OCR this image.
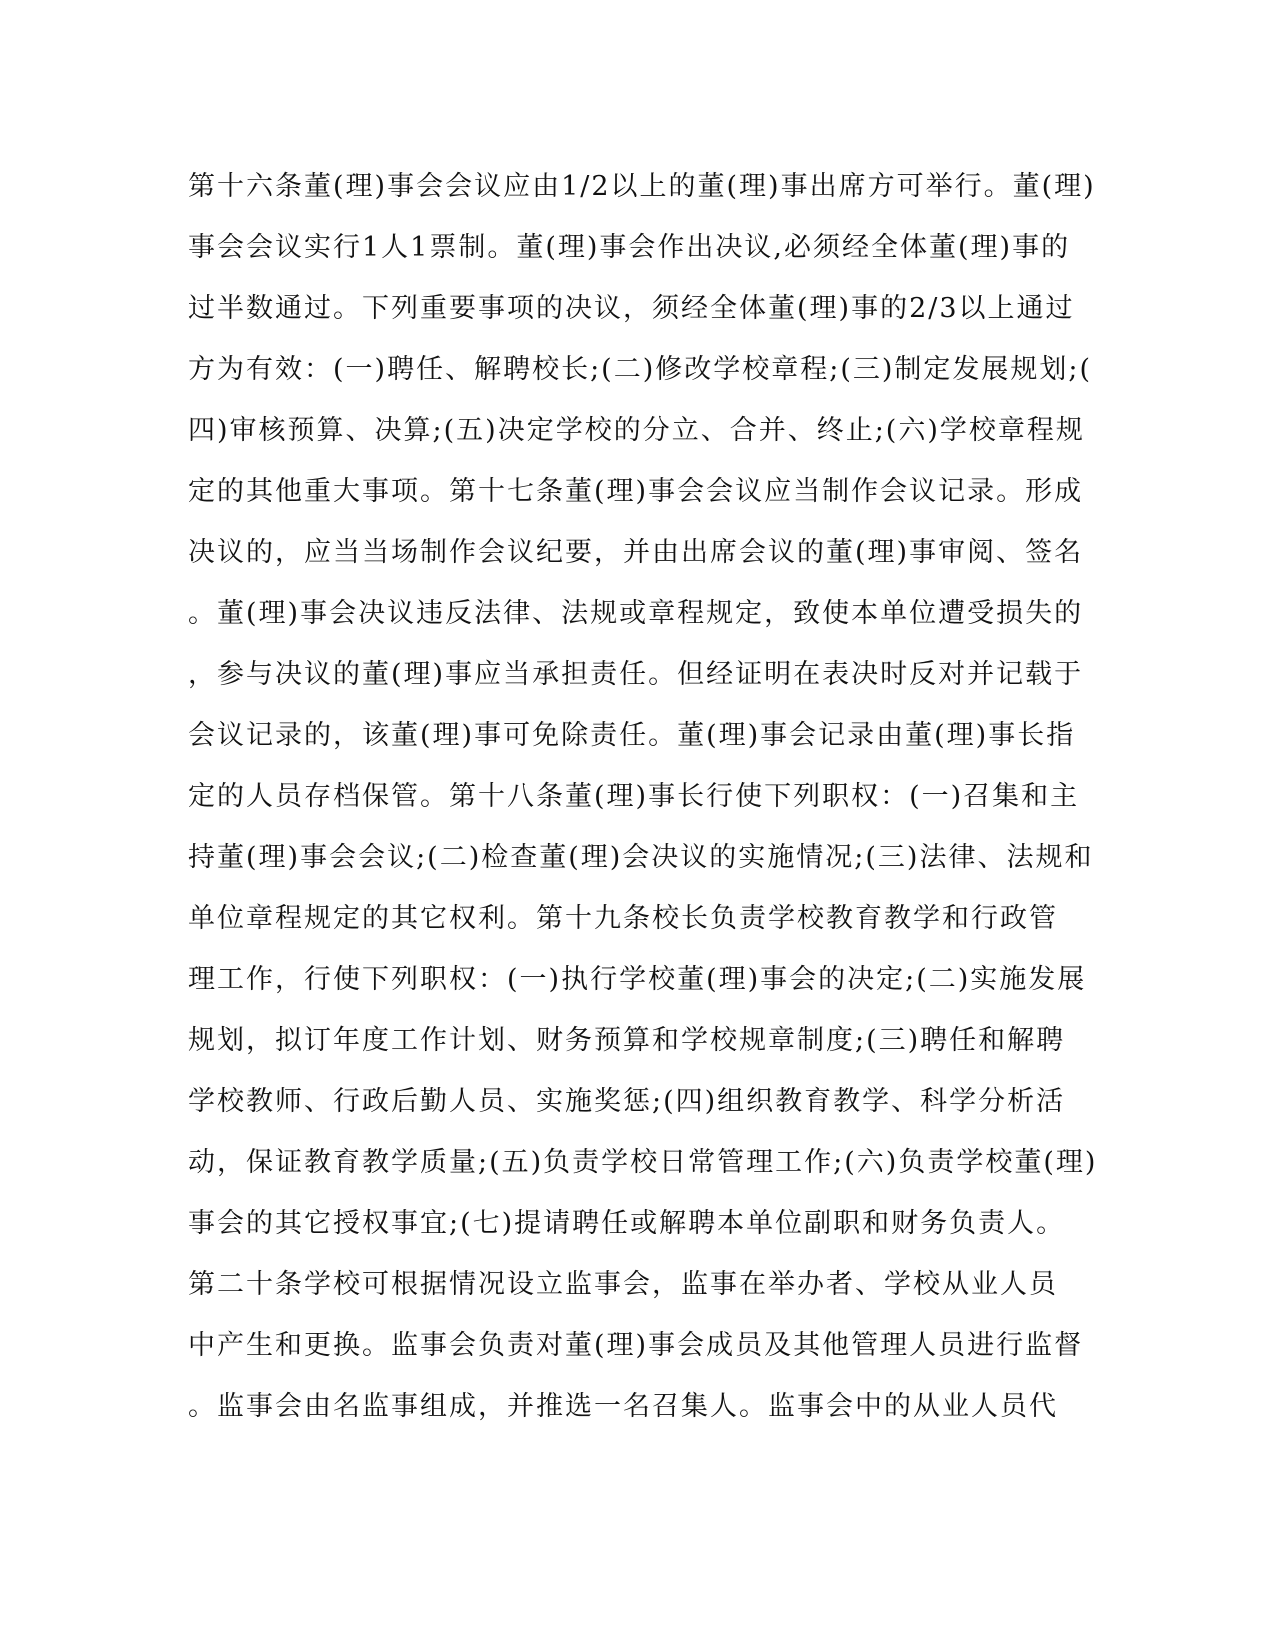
第十六条董(理)事会会议应由1/2以上的董(理)事出席方可举行。董(理)
事会会议实行1人1票制。董(理)事会作出决议,必须经全体董(理)事的
过半数通过。下列重要事项的决议，须经全体董(理)事的2/3以上通过
方为有效：(一)聘任、解聘校长;(二)修改学校章程;(三)制定发展规划;(
四)审核预算、决算;(五)决定学校的分立、合并、终止;(六)学校章程规
定的其他重大事项。第十七条董(理)事会会议应当制作会议记录。形成
决议的，应当当场制作会议纪要，并由出席会议的董(理)事审阅、签名
。董(理)事会决议违反法律、法规或章程规定，致使本单位遭受损失的
，参与决议的董(理)事应当承担责任。但经证明在表决时反对并记载于
会议记录的，该董(理)事可免除责任。董(理)事会记录由董(理)事长指
定的人员存档保管。第十八条董(理)事长行使下列职权：(一)召集和主
持董(理)事会会议;(二)检查董(理)会决议的实施情况;(三)法律、法规和
单位章程规定的其它权利。第十九条校长负责学校教育教学和行政管
理工作，行使下列职权：(一)执行学校董(理)事会的决定;(二)实施发展
规划，拟订年度工作计划、财务预算和学校规章制度;(三)聘任和解聘
学校教师、行政后勤人员、实施奖惩;(四)组织教育教学、科学分析活
动，保证教育教学质量;(五)负责学校日常管理工作;(六)负责学校董(理)
事会的其它授权事宜;(七)提请聘任或解聘本单位副职和财务负责人。
第二十条学校可根据情况设立监事会，监事在举办者、学校从业人员
中产生和更换。监事会负责对董(理)事会成员及其他管理人员进行监督
。监事会由名监事组成，并推选一名召集人。监事会中的从业人员代
